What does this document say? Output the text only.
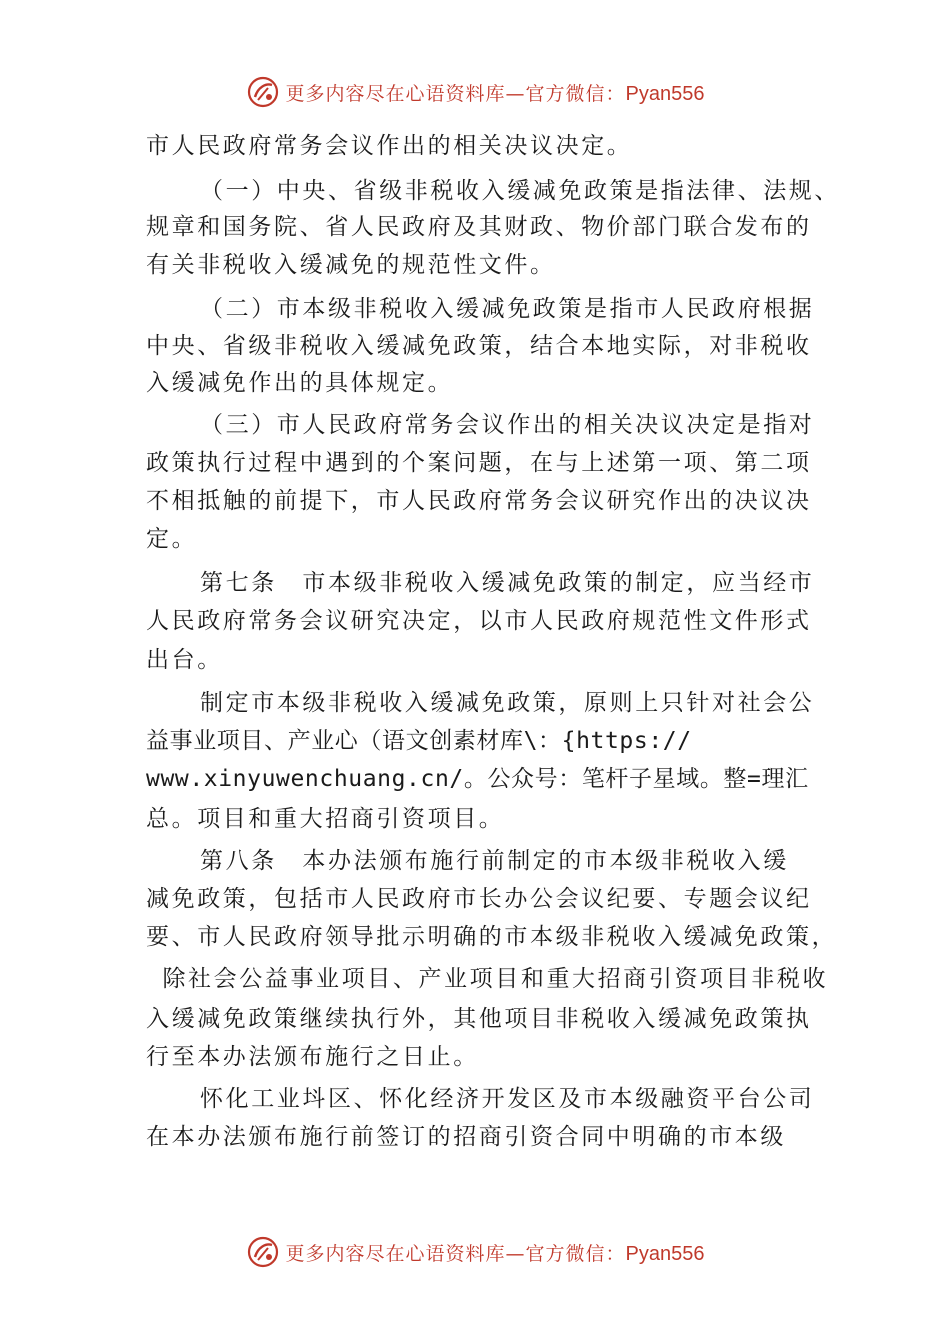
更多内容尽在心语资料库—官方微信：Pyan556
市人民政府常务会议作出的相关决议决定。
（一）中央、省级非税收入缓减免政策是指法律、法规、
规章和国务院、省人民政府及其财政、物价部门联合发布的
有关非税收入缓减免的规范性文件。
（二）市本级非税收入缓减免政策是指市人民政府根据
中央、省级非税收入缓减免政策，结合本地实际，对非税收
入缓减免作出的具体规定。
（三）市人民政府常务会议作出的相关决议决定是指对
政策执行过程中遇到的个案问题，在与上述第一项、第二项
不相抵触的前提下，市人民政府常务会议研究作出的决议决
定。
第七条　市本级非税收入缓减免政策的制定，应当经市
人民政府常务会议研究决定，以市人民政府规范性文件形式
出台。
制定市本级非税收入缓减免政策，原则上只针对社会公
益事业项目、产业心（语文创素材库\：{https://
www.xinyuwenchuang.cn/。公众号：笔杆子星域。整=理汇
总。项目和重大招商引资项目。
第八条　本办法颁布施行前制定的市本级非税收入缓
减免政策，包括市人民政府市长办公会议纪要、专题会议纪
要、市人民政府领导批示明确的市本级非税收入缓减免政策，
除社会公益事业项目、产业项目和重大招商引资项目非税收
入缓减免政策继续执行外，其他项目非税收入缓减免政策执
行至本办法颁布施行之日止。
怀化工业㘰区、怀化经济开发区及市本级融资平台公司
在本办法颁布施行前签订的招商引资合同中明确的市本级
更多内容尽在心语资料库—官方微信：Pyan556
